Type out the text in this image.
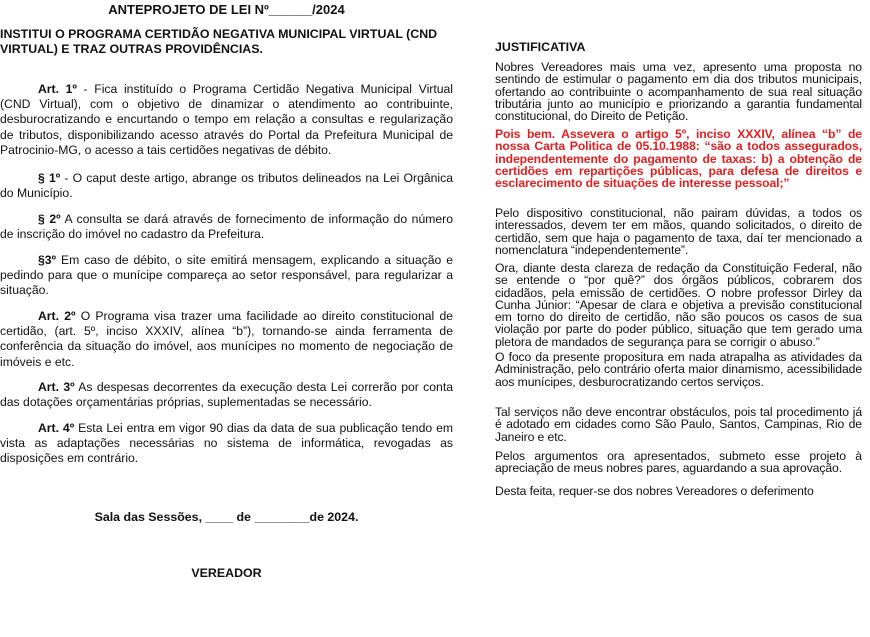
ANTEPROJETO DE LEI Nº______/2024
INSTITUI O PROGRAMA CERTIDÃO NEGATIVA MUNICIPAL VIRTUAL (CND VIRTUAL) E TRAZ OUTRAS PROVIDÊNCIAS.
Art. 1º - Fica instituído o Programa Certidão Negativa Municipal Virtual (CND Virtual), com o objetivo de dinamizar o atendimento ao contribuinte, desburocratizando e encurtando o tempo em relação a consultas e regularização de tributos, disponibilizando acesso através do Portal da Prefeitura Municipal de Patrocinio-MG, o acesso a tais certidões negativas de débito.
§ 1º - O caput deste artigo, abrange os tributos delineados na Lei Orgânica do Município.
§ 2º A consulta se dará através de fornecimento de informação do número de inscrição do imóvel no cadastro da Prefeitura.
§3º Em caso de débito, o site emitirá mensagem, explicando a situação e pedindo para que o munícipe compareça ao setor responsável, para regularizar a situação.
Art. 2º O Programa visa trazer uma facilidade ao direito constitucional de certidão, (art. 5º, inciso XXXIV, alínea “b”), tornando-se ainda ferramenta de conferência da situação do imóvel, aos munícipes no momento de negociação de imóveis e etc.
Art. 3º As despesas decorrentes da execução desta Lei correrão por conta das dotações orçamentárias próprias, suplementadas se necessário.
Art. 4º Esta Lei entra em vigor 90 dias da data de sua publicação tendo em vista as adaptações necessárias no sistema de informática, revogadas as disposições em contrário.
Sala das Sessões, ____ de ________de 2024.
VEREADOR
JUSTIFICATIVA
Nobres Vereadores mais uma vez, apresento uma proposta no sentindo de estimular o pagamento em dia dos tributos municipais, ofertando ao contribuinte o acompanhamento de sua real situação tributária junto ao município e priorizando a garantia fundamental constitucional, do Direito de Petição.
Pois bem. Assevera o artigo 5º, inciso XXXIV, alínea “b” de nossa Carta Politica de 05.10.1988: “são a todos assegurados, independentemente do pagamento de taxas: b) a obtenção de certidões em repartições públicas, para defesa de direitos e esclarecimento de situações de interesse pessoal;”
Pelo dispositivo constitucional, não pairam dúvidas, a todos os interessados, devem ter em mãos, quando solicitados, o direito de certidão, sem que haja o pagamento de taxa, daí ter mencionado a nomenclatura “independentemente”.
Ora, diante desta clareza de redação da Constituição Federal, não se entende o “por quê?” dos órgãos públicos, cobrarem dos cidadãos, pela emissão de certidões. O nobre professor Dirley da Cunha Júnior: “Apesar de clara e objetiva a previsão constitucional em torno do direito de certidão, não são poucos os casos de sua violação por parte do poder público, situação que tem gerado uma pletora de mandados de segurança para se corrigir o abuso.”
O foco da presente propositura em nada atrapalha as atividades da Administração, pelo contrário oferta maior dinamismo, acessibilidade aos munícipes, desburocratizando certos serviços.
Tal serviços não deve encontrar obstáculos, pois tal procedimento já é adotado em cidades como São Paulo, Santos, Campinas, Rio de Janeiro e etc.
Pelos argumentos ora apresentados, submeto esse projeto à apreciação de meus nobres pares, aguardando a sua aprovação.
Desta feita, requer-se dos nobres Vereadores o deferimento
